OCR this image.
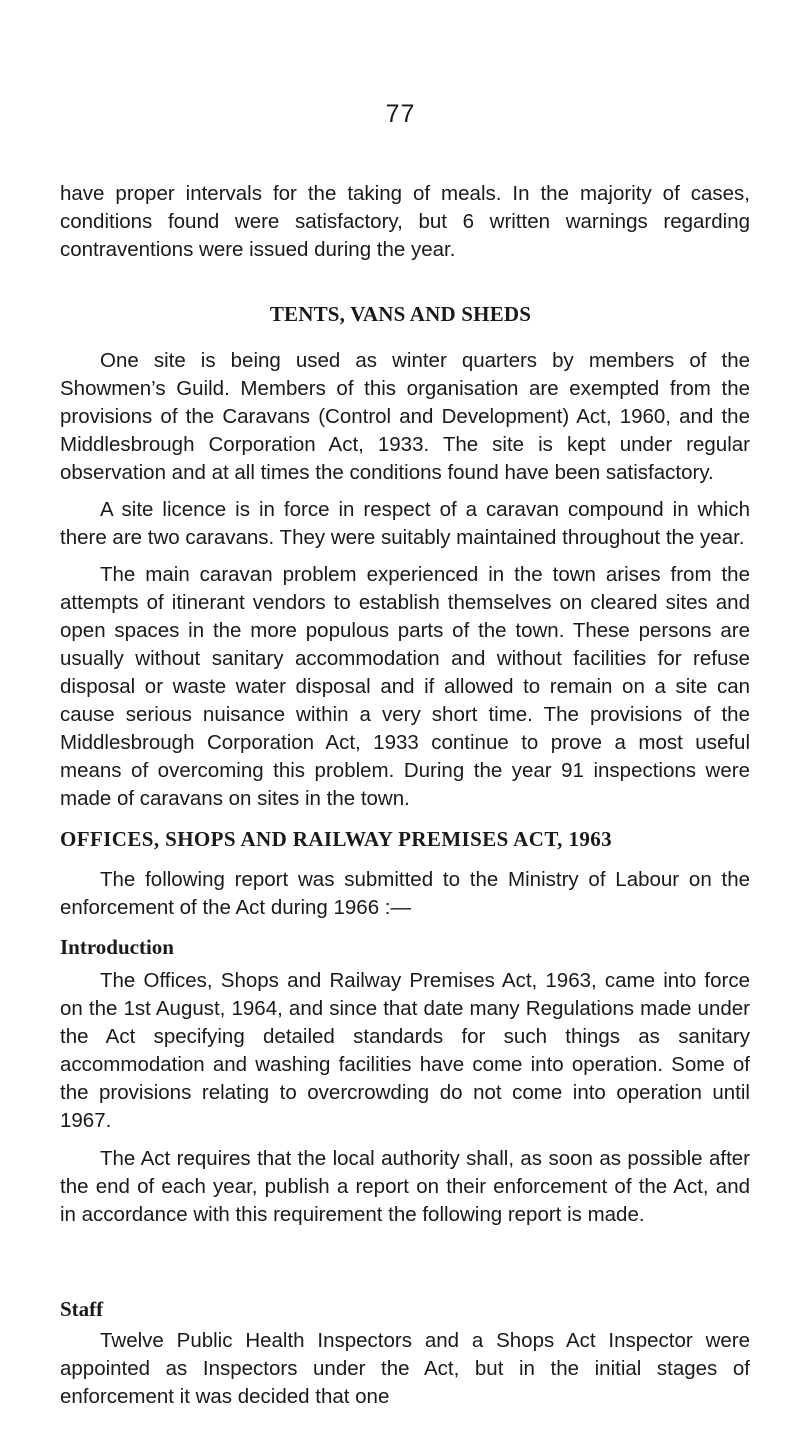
77

have proper intervals for the taking of meals. In the majority of cases, conditions found were satisfactory, but 6 written warnings regarding contraventions were issued during the year.

TENTS, VANS AND SHEDS

One site is being used as winter quarters by members of the Showmen’s Guild. Members of this organisation are exempted from the provisions of the Caravans (Control and Development) Act, 1960, and the Middlesbrough Corporation Act, 1933. The site is kept under regular observation and at all times the conditions found have been satisfactory.

A site licence is in force in respect of a caravan compound in which there are two caravans. They were suitably maintained throughout the year.

The main caravan problem experienced in the town arises from the attempts of itinerant vendors to establish themselves on cleared sites and open spaces in the more populous parts of the town. These persons are usually without sanitary accommodation and without facilities for refuse disposal or waste water disposal and if allowed to remain on a site can cause serious nuisance within a very short time. The provisions of the Middlesbrough Corporation Act, 1933 continue to prove a most useful means of overcoming this problem. During the year 91 inspections were made of caravans on sites in the town.

OFFICES, SHOPS AND RAILWAY PREMISES ACT, 1963

The following report was submitted to the Ministry of Labour on the enforcement of the Act during 1966 :—

Introduction

The Offices, Shops and Railway Premises Act, 1963, came into force on the 1st August, 1964, and since that date many Regulations made under the Act specifying detailed standards for such things as sanitary accommodation and washing facilities have come into operation. Some of the provisions relating to overcrowding do not come into operation until 1967.

The Act requires that the local authority shall, as soon as possible after the end of each year, publish a report on their enforcement of the Act, and in accordance with this requirement the following report is made.

Staff

Twelve Public Health Inspectors and a Shops Act Inspector were appointed as Inspectors under the Act, but in the initial stages of enforcement it was decided that one
